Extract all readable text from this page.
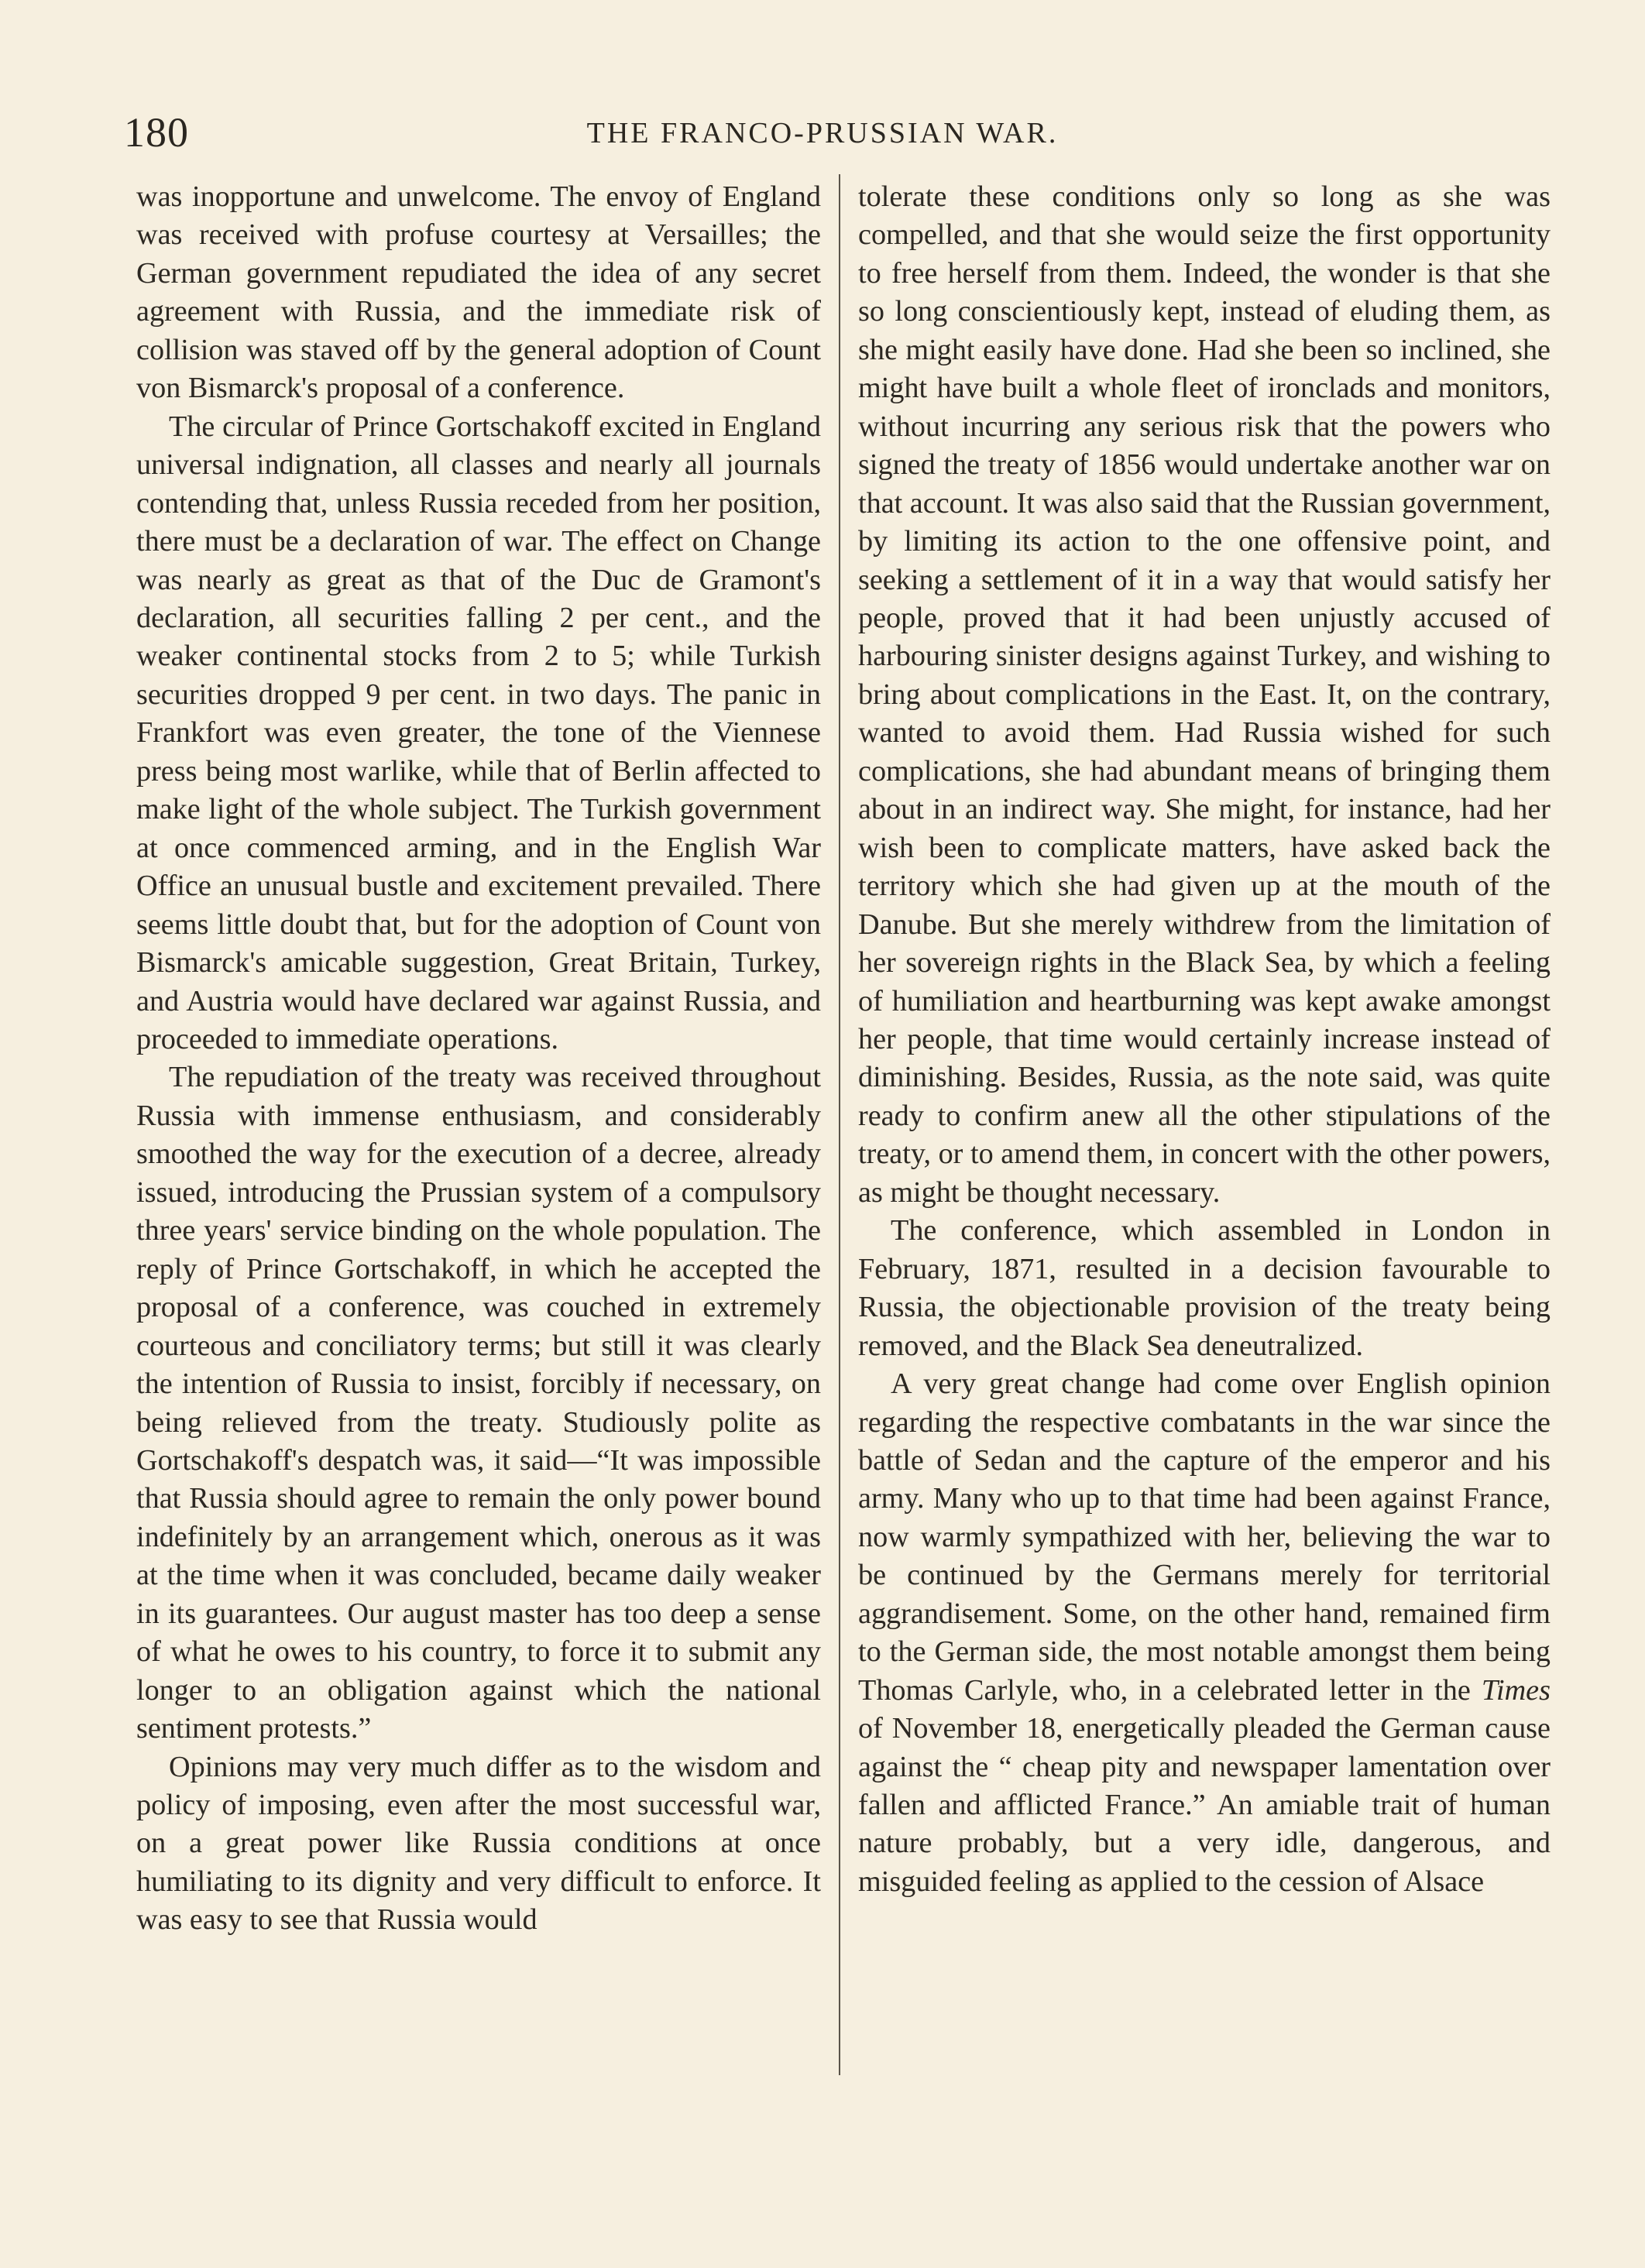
180	THE FRANCO-PRUSSIAN WAR.

was inopportune and unwelcome. The envoy of England was received with profuse courtesy at Versailles; the German government repudiated the idea of any secret agreement with Russia, and the immediate risk of collision was staved off by the general adoption of Count von Bismarck's proposal of a conference.

The circular of Prince Gortschakoff excited in England universal indignation, all classes and nearly all journals contending that, unless Russia receded from her position, there must be a declaration of war. The effect on Change was nearly as great as that of the Duc de Gramont's declaration, all securities falling 2 per cent., and the weaker continental stocks from 2 to 5; while Turkish securities dropped 9 per cent. in two days. The panic in Frankfort was even greater, the tone of the Viennese press being most warlike, while that of Berlin affected to make light of the whole subject. The Turkish government at once commenced arming, and in the English War Office an unusual bustle and excitement prevailed. There seems little doubt that, but for the adoption of Count von Bismarck's amicable suggestion, Great Britain, Turkey, and Austria would have declared war against Russia, and proceeded to immediate operations.

The repudiation of the treaty was received throughout Russia with immense enthusiasm, and considerably smoothed the way for the execution of a decree, already issued, introducing the Prussian system of a compulsory three years' service binding on the whole population. The reply of Prince Gortschakoff, in which he accepted the proposal of a conference, was couched in extremely courteous and conciliatory terms; but still it was clearly the intention of Russia to insist, forcibly if necessary, on being relieved from the treaty. Studiously polite as Gortschakoff's despatch was, it said—“It was impossible that Russia should agree to remain the only power bound indefinitely by an arrangement which, onerous as it was at the time when it was concluded, became daily weaker in its guarantees. Our august master has too deep a sense of what he owes to his country, to force it to submit any longer to an obligation against which the national sentiment protests.”

Opinions may very much differ as to the wisdom and policy of imposing, even after the most successful war, on a great power like Russia conditions at once humiliating to its dignity and very difficult to enforce. It was easy to see that Russia would

tolerate these conditions only so long as she was compelled, and that she would seize the first opportunity to free herself from them. Indeed, the wonder is that she so long conscientiously kept, instead of eluding them, as she might easily have done. Had she been so inclined, she might have built a whole fleet of ironclads and monitors, without incurring any serious risk that the powers who signed the treaty of 1856 would undertake another war on that account. It was also said that the Russian government, by limiting its action to the one offensive point, and seeking a settlement of it in a way that would satisfy her people, proved that it had been unjustly accused of harbouring sinister designs against Turkey, and wishing to bring about complications in the East. It, on the contrary, wanted to avoid them. Had Russia wished for such complications, she had abundant means of bringing them about in an indirect way. She might, for instance, had her wish been to complicate matters, have asked back the territory which she had given up at the mouth of the Danube. But she merely withdrew from the limitation of her sovereign rights in the Black Sea, by which a feeling of humiliation and heartburning was kept awake amongst her people, that time would certainly increase instead of diminishing. Besides, Russia, as the note said, was quite ready to confirm anew all the other stipulations of the treaty, or to amend them, in concert with the other powers, as might be thought necessary.

The conference, which assembled in London in February, 1871, resulted in a decision favourable to Russia, the objectionable provision of the treaty being removed, and the Black Sea deneutralized.

A very great change had come over English opinion regarding the respective combatants in the war since the battle of Sedan and the capture of the emperor and his army. Many who up to that time had been against France, now warmly sympathized with her, believing the war to be continued by the Germans merely for territorial aggrandisement. Some, on the other hand, remained firm to the German side, the most notable amongst them being Thomas Carlyle, who, in a celebrated letter in the Times of November 18, energetically pleaded the German cause against the “ cheap pity and newspaper lamentation over fallen and afflicted France.” An amiable trait of human nature probably, but a very idle, dangerous, and misguided feeling as applied to the cession of Alsace
